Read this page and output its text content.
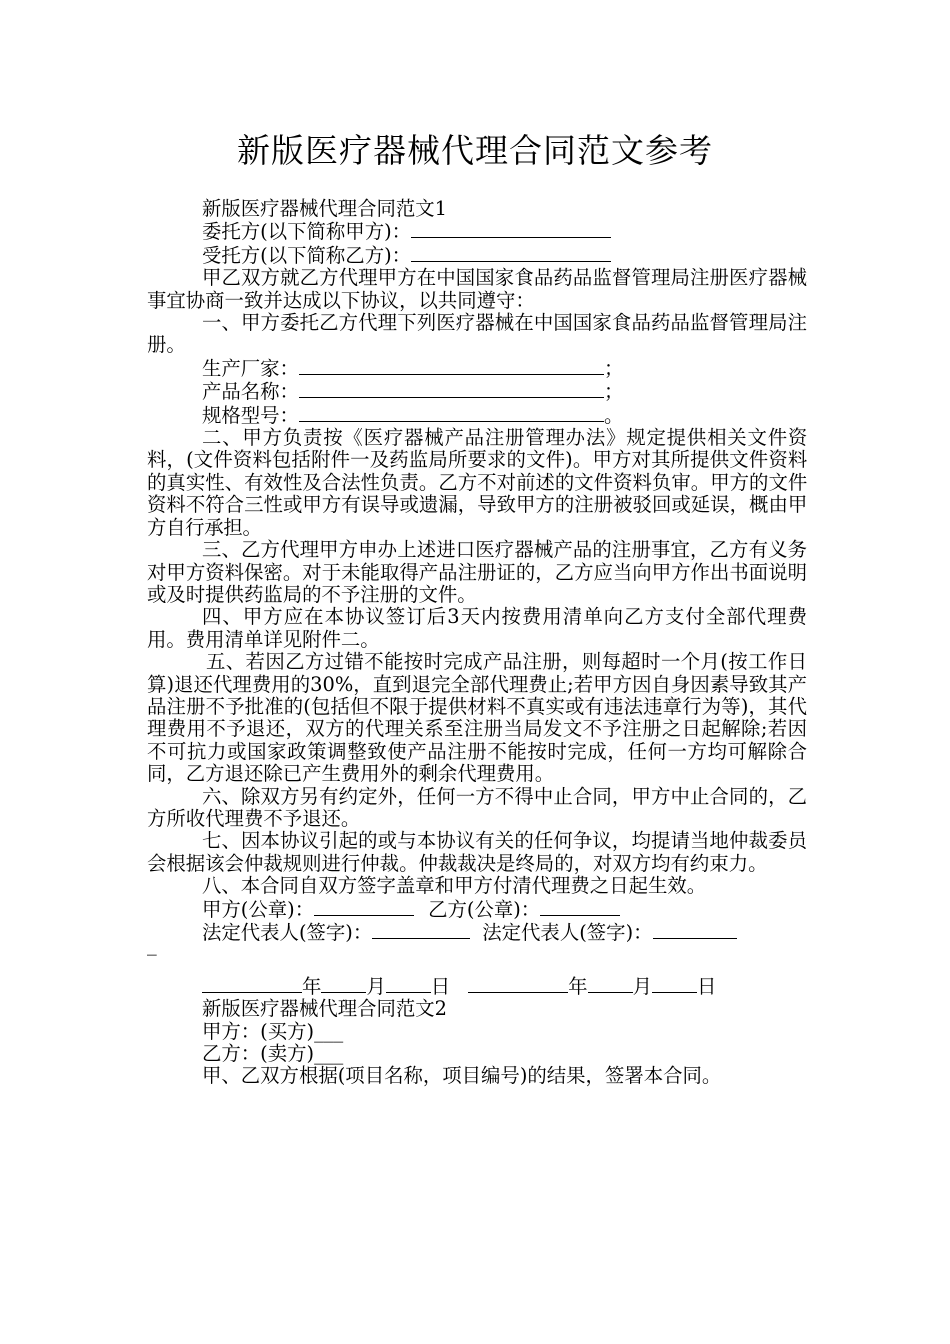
新版医疗器械代理合同范文参考

新版医疗器械代理合同范文1

委托方(以下简称甲方)：

受托方(以下简称乙方)：

甲乙双方就乙方代理甲方在中国国家食品药品监督管理局注册医疗器械事宜协商一致并达成以下协议，以共同遵守：

一、甲方委托乙方代理下列医疗器械在中国国家食品药品监督管理局注册。

生产厂家：	；

产品名称：	；

规格型号：	。

二、甲方负责按《医疗器械产品注册管理办法》规定提供相关文件资料，(文件资料包括附件一及药监局所要求的文件)。甲方对其所提供文件资料的真实性、有效性及合法性负责。乙方不对前述的文件资料负审。甲方的文件资料不符合三性或甲方有误导或遗漏，导致甲方的注册被驳回或延误，概由甲方自行承担。

三、乙方代理甲方申办上述进口医疗器械产品的注册事宜，乙方有义务对甲方资料保密。对于未能取得产品注册证的，乙方应当向甲方作出书面说明或及时提供药监局的不予注册的文件。

四、甲方应在本协议签订后3天内按费用清单向乙方支付全部代理费用。费用清单详见附件二。

五、若因乙方过错不能按时完成产品注册，则每超时一个月(按工作日算)退还代理费用的30%，直到退完全部代理费止;若甲方因自身因素导致其产品注册不予批准的(包括但不限于提供材料不真实或有违法违章行为等)，其代理费用不予退还，双方的代理关系至注册当局发文不予注册之日起解除;若因不可抗力或国家政策调整致使产品注册不能按时完成，任何一方均可解除合同，乙方退还除已产生费用外的剩余代理费用。

六、除双方另有约定外，任何一方不得中止合同，甲方中止合同的，乙方所收代理费不予退还。

七、因本协议引起的或与本协议有关的任何争议，均提请当地仲裁委员会根据该会仲裁规则进行仲裁。仲裁裁决是终局的，对双方均有约束力。

八、本合同自双方签字盖章和甲方付清代理费之日起生效。

甲方(公章)：	乙方(公章)：

法定代表人(签字)：	法定代表人(签字)：

_

年 月 日	年 月 日

新版医疗器械代理合同范文2

甲方：(买方)___

乙方：(卖方)___

甲、乙双方根据(项目名称，项目编号)的结果，签署本合同。
